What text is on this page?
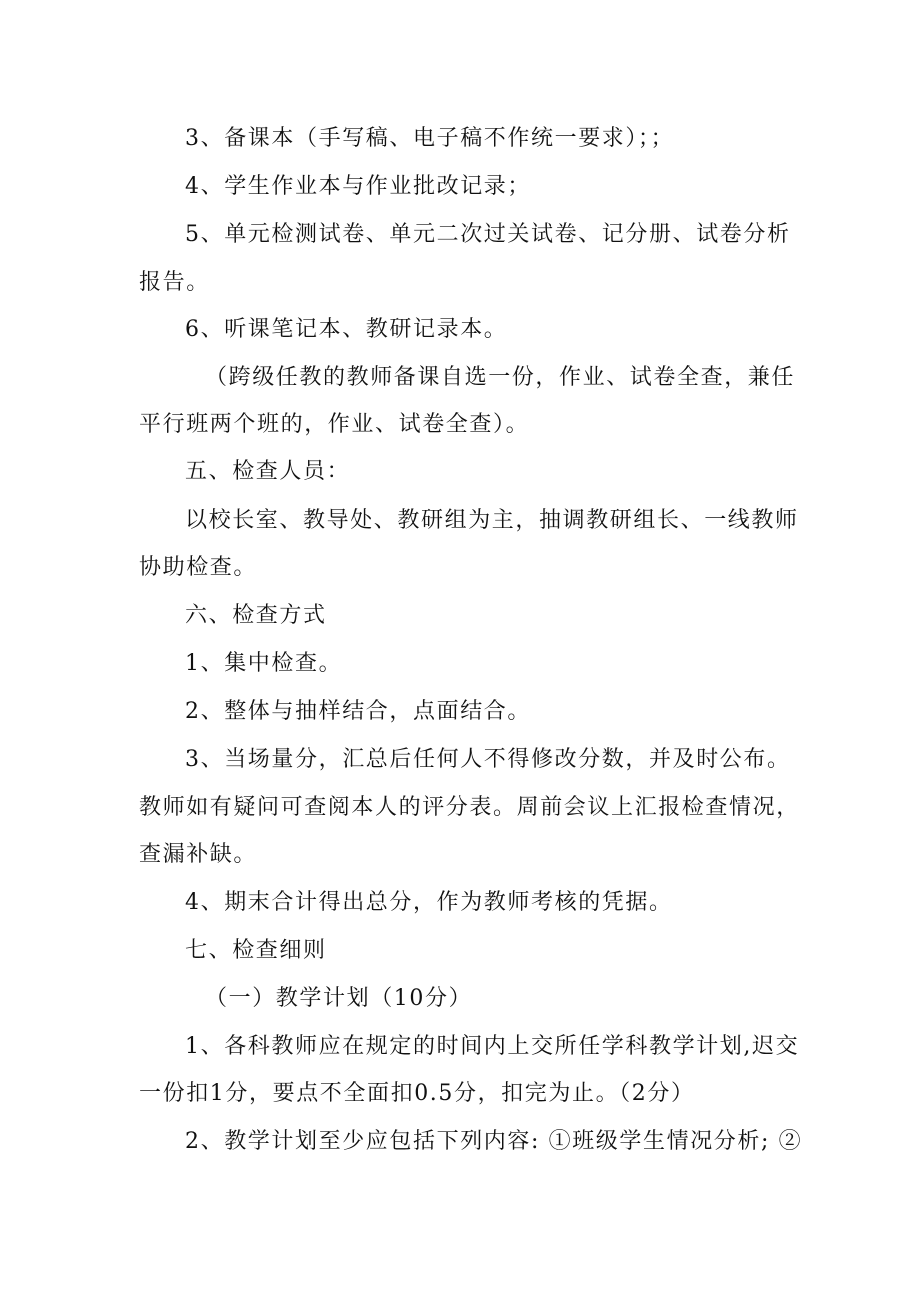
3、备课本（手写稿、电子稿不作统一要求）；；
4、学生作业本与作业批改记录；
5、单元检测试卷、单元二次过关试卷、记分册、试卷分析
报告。
6、听课笔记本、教研记录本。
（跨级任教的教师备课自选一份，作业、试卷全查，兼任
平行班两个班的，作业、试卷全查）。
五、检查人员：
以校长室、教导处、教研组为主，抽调教研组长、一线教师
协助检查。
六、检查方式
1、集中检查。
2、整体与抽样结合，点面结合。
3、当场量分，汇总后任何人不得修改分数，并及时公布。
教师如有疑问可查阅本人的评分表。周前会议上汇报检查情况，
查漏补缺。
4、期末合计得出总分，作为教师考核的凭据。
七、检查细则
（一）教学计划（10分）
1、各科教师应在规定的时间内上交所任学科教学计划,迟交
一份扣1分，要点不全面扣0.5分，扣完为止。（2分）
2、教学计划至少应包括下列内容: ①班级学生情况分析; ②
